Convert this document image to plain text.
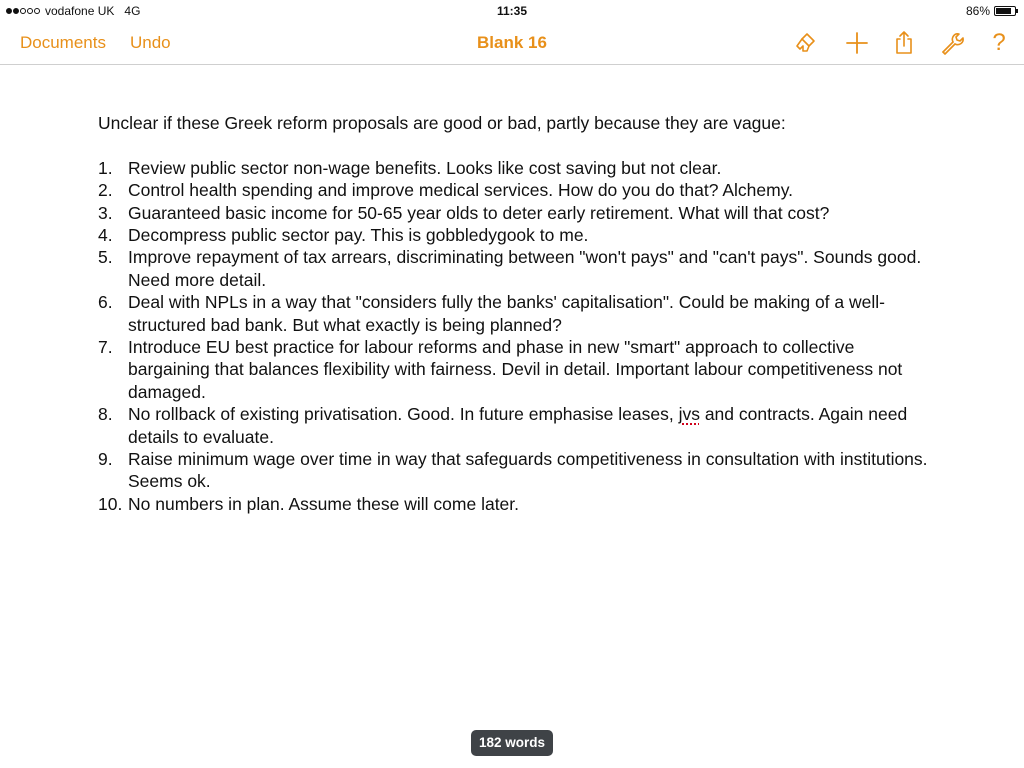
vodafone UK 4G	11:35	86%
Documents Undo	Blank 16	?

Unclear if these Greek reform proposals are good or bad, partly because they are vague:

1. Review public sector non-wage benefits. Looks like cost saving but not clear.
2. Control health spending and improve medical services. How do you do that? Alchemy.
3. Guaranteed basic income for 50-65 year olds to deter early retirement. What will that cost?
4. Decompress public sector pay. This is gobbledygook to me.
5. Improve repayment of tax arrears, discriminating between "won't pays" and "can't pays". Sounds good. Need more detail.
6. Deal with NPLs in a way that "considers fully the banks' capitalisation". Could be making of a well-structured bad bank. But what exactly is being planned?
7. Introduce EU best practice for labour reforms and phase in new "smart" approach to collective bargaining that balances flexibility with fairness. Devil in detail. Important labour competitiveness not damaged.
8. No rollback of existing privatisation. Good. In future emphasise leases, jvs and contracts. Again need details to evaluate.
9. Raise minimum wage over time in way that safeguards competitiveness in consultation with institutions. Seems ok.
10. No numbers in plan. Assume these will come later.
182 words
